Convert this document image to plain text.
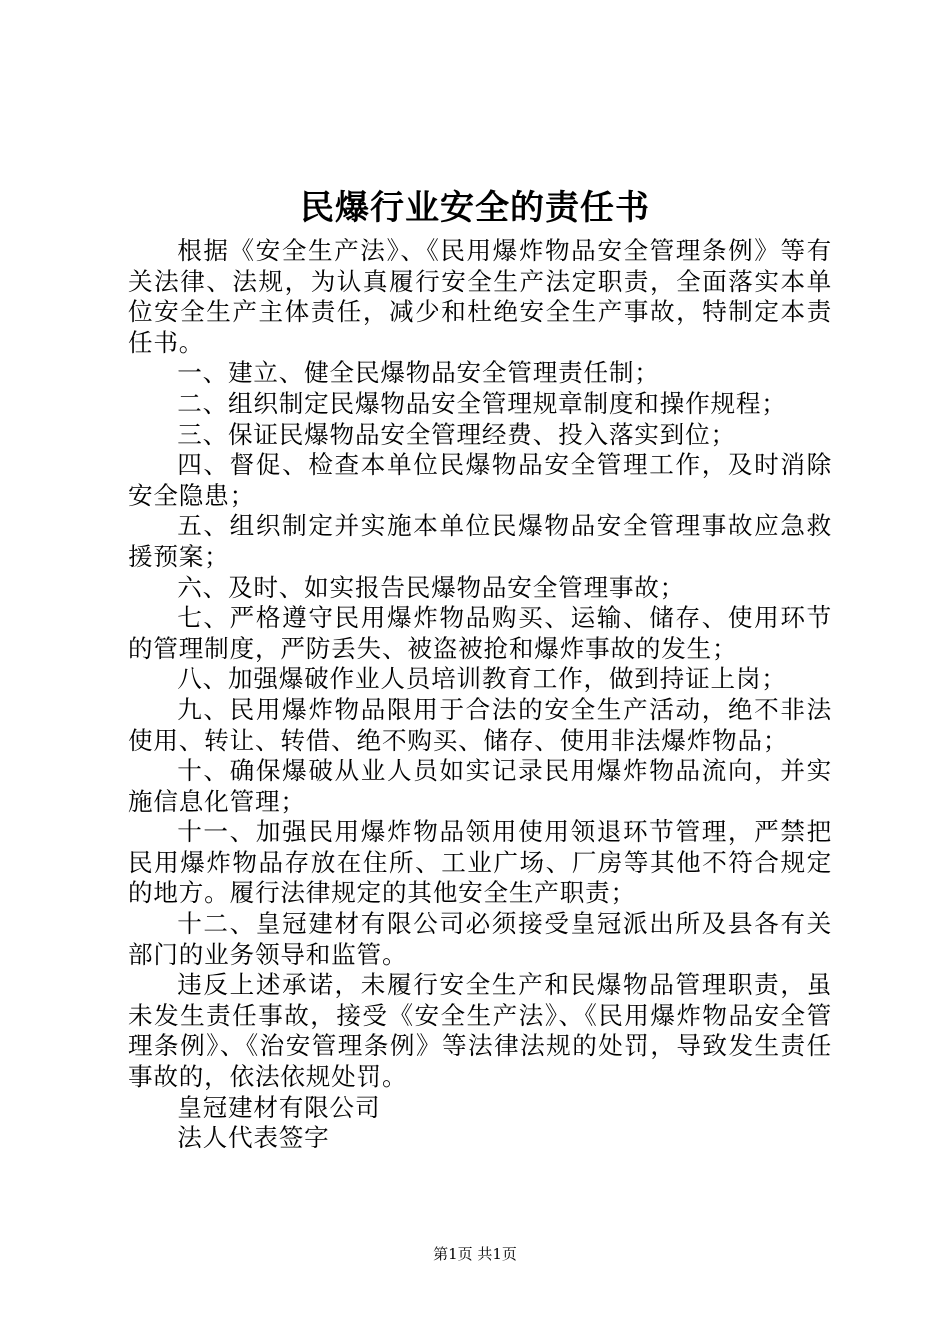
民爆行业安全的责任书

根据《安全生产法》、《民用爆炸物品安全管理条例》等有关法律、法规，为认真履行安全生产法定职责，全面落实本单位安全生产主体责任，减少和杜绝安全生产事故，特制定本责任书。

一、建立、健全民爆物品安全管理责任制；

二、组织制定民爆物品安全管理规章制度和操作规程；

三、保证民爆物品安全管理经费、投入落实到位；

四、督促、检查本单位民爆物品安全管理工作，及时消除安全隐患；

五、组织制定并实施本单位民爆物品安全管理事故应急救援预案；

六、及时、如实报告民爆物品安全管理事故；

七、严格遵守民用爆炸物品购买、运输、储存、使用环节的管理制度，严防丢失、被盗被抢和爆炸事故的发生；

八、加强爆破作业人员培训教育工作，做到持证上岗；

九、民用爆炸物品限用于合法的安全生产活动，绝不非法使用、转让、转借、绝不购买、储存、使用非法爆炸物品；

十、确保爆破从业人员如实记录民用爆炸物品流向，并实施信息化管理；

十一、加强民用爆炸物品领用使用领退环节管理，严禁把民用爆炸物品存放在住所、工业广场、厂房等其他不符合规定的地方。履行法律规定的其他安全生产职责；

十二、皇冠建材有限公司必须接受皇冠派出所及县各有关部门的业务领导和监管。

违反上述承诺，未履行安全生产和民爆物品管理职责，虽未发生责任事故，接受《安全生产法》、《民用爆炸物品安全管理条例》、《治安管理条例》等法律法规的处罚，导致发生责任事故的，依法依规处罚。

皇冠建材有限公司

法人代表签字

第1页 共1页
